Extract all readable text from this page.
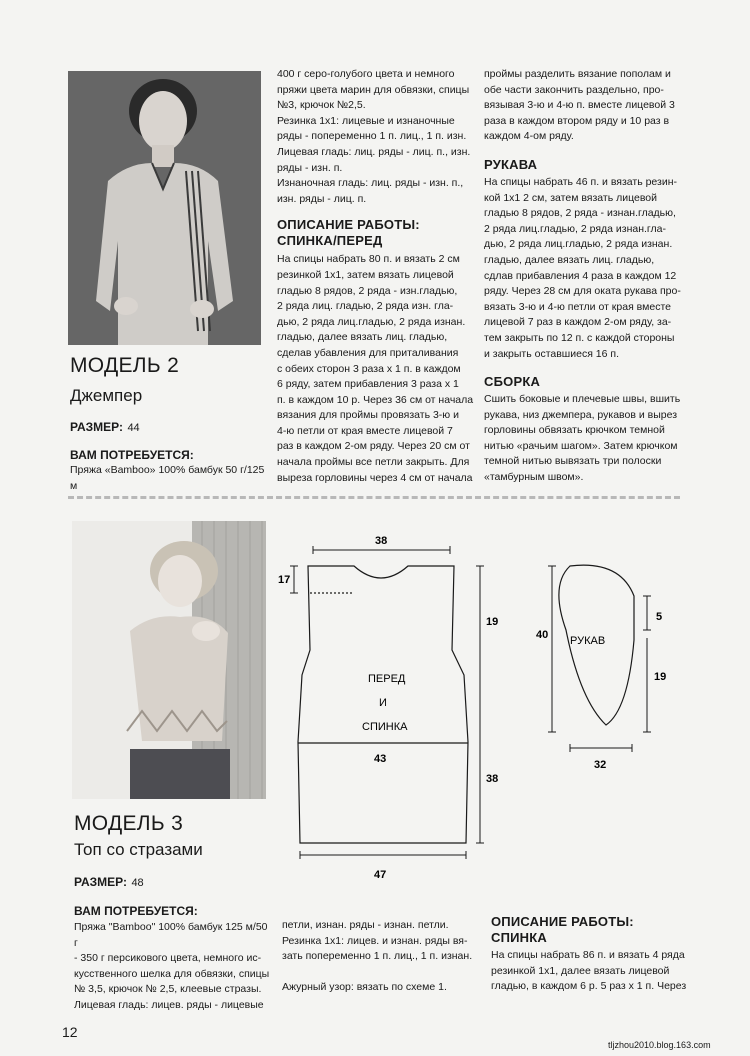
МОДЕЛЬ 2
Джемпер
РАЗМЕР: 44
ВАМ ПОТРЕБУЕТСЯ:
Пряжа «Bamboo» 100% бамбук 50 г/125 м

400 г серо-голубого цвета и немного
пряжи цвета марин для обвязки, спицы
№3, крючок №2,5.
Резинка 1х1: лицевые и изнаночные
ряды - попеременно 1 п. лиц., 1 п. изн.
Лицевая гладь: лиц. ряды - лиц. п., изн.
ряды - изн. п.
Изнаночная гладь: лиц. ряды - изн. п.,
изн. ряды - лиц. п.

ОПИСАНИЕ РАБОТЫ:
СПИНКА/ПЕРЕД

На спицы набрать 80 п. и вязать 2 см
резинкой 1х1, затем вязать лицевой
гладью 8 рядов, 2 ряда - изн.гладью,
2 ряда лиц. гладью, 2 ряда изн. гла-
дью, 2 ряда лиц.гладью, 2 ряда изнан.
гладью, далее вязать лиц. гладью,
сделав убавления для приталивания
с обеих сторон 3 раза х 1 п. в каждом
6 ряду, затем прибавления 3 раза х 1
п. в каждом 10 р. Через 36 см от начала
вязания для проймы провязать 3-ю и
4-ю петли от края вместе лицевой 7
раз в каждом 2-ом ряду. Через 20 см от
начала проймы все петли закрыть. Для
выреза горловины через 4 см от начала

проймы разделить вязание пополам и
обе части закончить раздельно, про-
вязывая 3-ю и 4-ю п. вместе лицевой 3
раза в каждом втором ряду и 10 раз в
каждом 4-ом ряду.

РУКАВА

На спицы набрать 46 п. и вязать резин-
кой 1х1 2 см, затем вязать лицевой
гладью 8 рядов, 2 ряда - изнан.гладью,
2 ряда лиц.гладью, 2 ряда изнан.гла-
дью, 2 ряда лиц.гладью, 2 ряда изнан.
гладью, далее вязать лиц. гладью,
сдлав прибавления 4 раза в каждом 12
ряду. Через 28 см для оката рукава про-
вязать 3-ю и 4-ю петли от края вместе
лицевой 7 раз в каждом 2-ом ряду, за-
тем закрыть по 12 п. с каждой стороны
и закрыть оставшиеся 16 п.

СБОРКА

Сшить боковые и плечевые швы, вшить
рукава, низ джемпера, рукавов и вырез
горловины обвязать крючком темной
нитью «рачьим шагом». Затем крючком
темной нитью вывязать три полоски
«тамбурным швом».

МОДЕЛЬ 3
Топ со стразами
РАЗМЕР: 48
ВАМ ПОТРЕБУЕТСЯ:

Пряжа "Bamboo" 100% бамбук 125 м/50 г
- 350 г персикового цвета, немного ис-
кусственного шелка для обвязки, спицы
№ 3,5, крючок № 2,5, клеевые стразы.
Лицевая гладь: лицев. ряды - лицевые

петли, изнан. ряды - изнан. петли.
Резинка 1х1: лицев. и изнан. ряды вя-
зать попеременно 1 п. лиц., 1 п. изнан.

Ажурный узор: вязать по схеме 1.

ОПИСАНИЕ РАБОТЫ:
СПИНКА

На спицы набрать 86 п. и вязать 4 ряда
резинкой 1х1, далее вязать лицевой
гладью, в каждом 6 р. 5 раз х 1 п. Через

38
17
19
43
38
47
ПЕРЕД
И
СПИНКА
РУКАВ
40
5
19
32
12
tljzhou2010.blog.163.com
